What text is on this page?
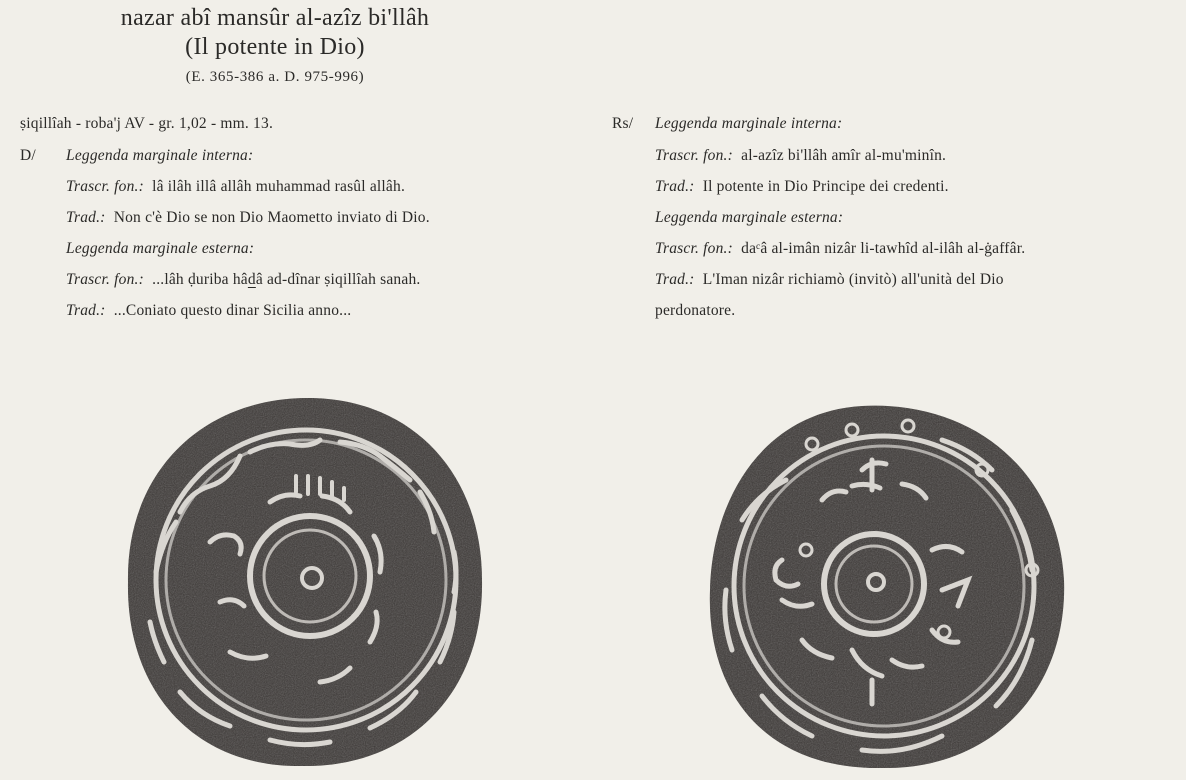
nazar abî mansûr al-azîz bi'llâh
(Il potente in Dio)
(E. 365-386 a. D. 975-996)
ṣiqillîah - roba'j AV - gr. 1,02 - mm. 13.
D/ Leggenda marginale interna:
Trascr. fon.: lâ ilâh illâ allâh muhammad rasûl allâh.
Trad.: Non c'è Dio se non Dio Maometto inviato di Dio.
Leggenda marginale esterna:
Trascr. fon.: ...lâh ḍuriba hâdâ ad-dînar ṣiqillîah sanah.
Trad.: ...Coniato questo dinar Sicilia anno...
Rs/ Leggenda marginale interna:
Trascr. fon.: al-azîz bi'llâh amîr al-mu'minîn.
Trad.: Il potente in Dio Principe dei credenti.
Leggenda marginale esterna:
Trascr. fon.: daᶜâ al-imân nizâr li-tawhîd al-ilâh al-ġaffâr.
Trad.: L'Iman nizâr richiamò (invitò) all'unità del Dio
perdonatore.
